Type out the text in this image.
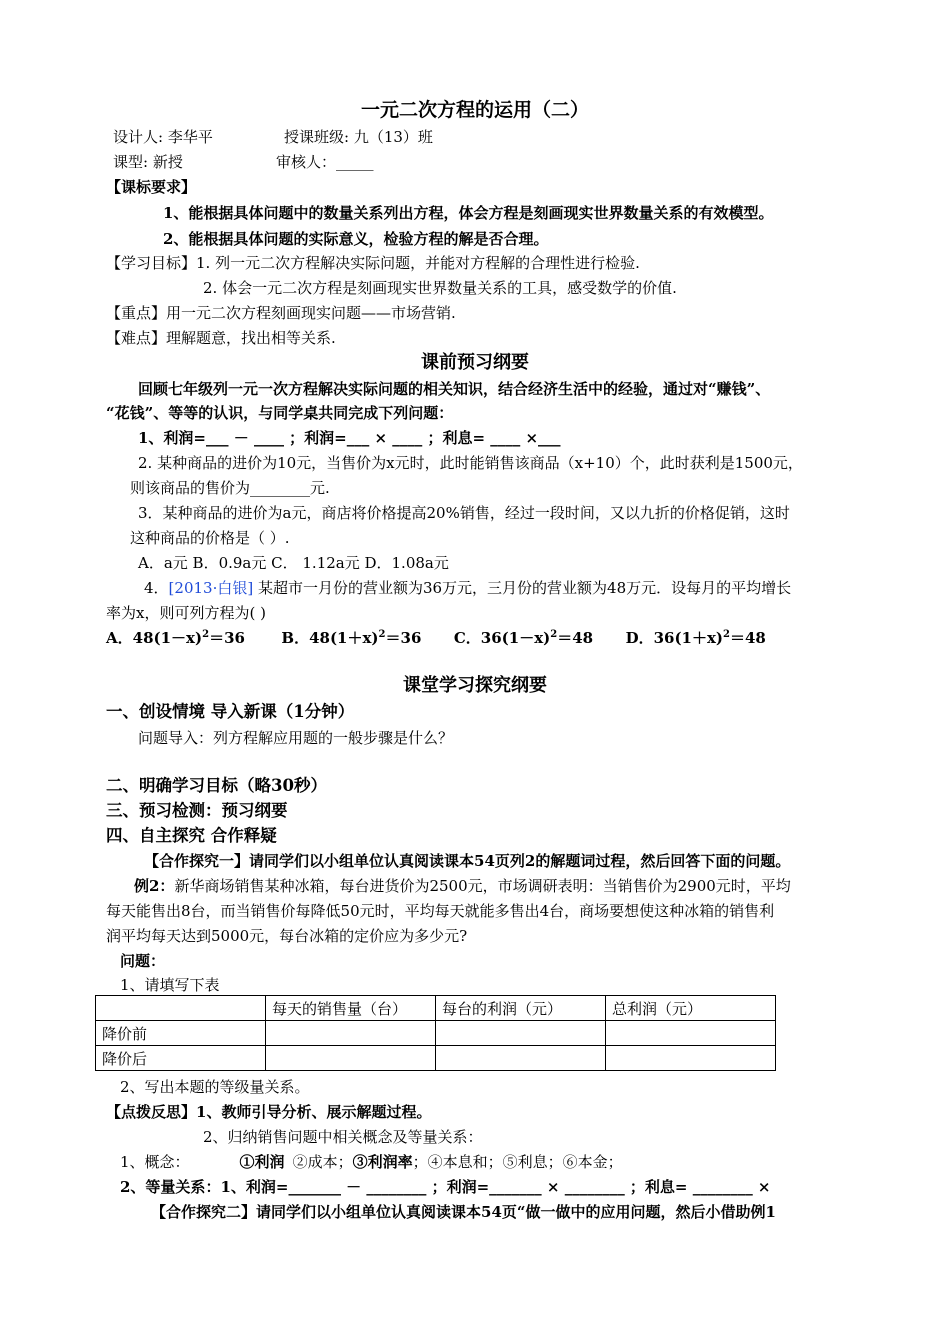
一元二次方程的运用（二）
设计人: 李华平	授课班级: 九（13）班
课型: 新授	审核人：_____
【课标要求】
1、能根据具体问题中的数量关系列出方程，体会方程是刻画现实世界数量关系的有效模型。
2、能根据具体问题的实际意义，检验方程的解是否合理。
【学习目标】1. 列一元二次方程解决实际问题，并能对方程解的合理性进行检验.
2. 体会一元二次方程是刻画现实世界数量关系的工具，感受数学的价值.
【重点】用一元二次方程刻画现实问题——市场营销.
【难点】理解题意，找出相等关系.
课前预习纲要
回顾七年级列一元一次方程解决实际问题的相关知识，结合经济生活中的经验，通过对“赚钱”、
“花钱”、等等的认识，与同学桌共同完成下列问题：
1、利润=___ － ____ ；利润=___ × ____ ；利息= ____ ×___
2. 某种商品的进价为10元，当售价为x元时，此时能销售该商品（x+10）个，此时获利是1500元，
则该商品的售价为________元.
3．某种商品的进价为a元，商店将价格提高20%销售，经过一段时间，又以九折的价格促销，这时
这种商品的价格是（ ）.
A．a元 B．0.9a元 C． 1.12a元 D．1.08a元
4．[2013·白银] 某超市一月份的营业额为36万元，三月份的营业额为48万元．设每月的平均增长
率为x，则可列方程为( )
A．$48(1-x)^2=36$ B．$48(1+x)^2=36$ C．$36(1-x)^2=48$ D．$36(1+x)^2=48$
课堂学习探究纲要
一、创设情境 导入新课（1分钟）
问题导入：列方程解应用题的一般步骤是什么？
二、明确学习目标（略30秒）
三、预习检测：预习纲要
四、自主探究 合作释疑
【合作探究一】请同学们以小组单位认真阅读课本54页列2的解题词过程，然后回答下面的问题。
例2：新华商场销售某种冰箱，每台进货价为2500元，市场调研表明：当销售价为2900元时，平均
每天能售出8台，而当销售价每降低50元时，平均每天就能多售出4台，商场要想使这种冰箱的销售利
润平均每天达到5000元，每台冰箱的定价应为多少元?
问题：
1、请填写下表
	每天的销售量（台）	每台的利润（元）	总利润（元）
降价前			
降价后			
2、写出本题的等级量关系。
【点拨反思】1、教师引导分析、展示解题过程。
2、归纳销售问题中相关概念及等量关系：
1、概念：	①利润 ②成本；③利润率；④本息和；⑤利息；⑥本金；
2、等量关系：1、利润=_______ － ________ ；利润=_______ × ________ ；利息= ________ ×
【合作探究二】请同学们以小组单位认真阅读课本54页“做一做中的应用问题，然后小借助例1
